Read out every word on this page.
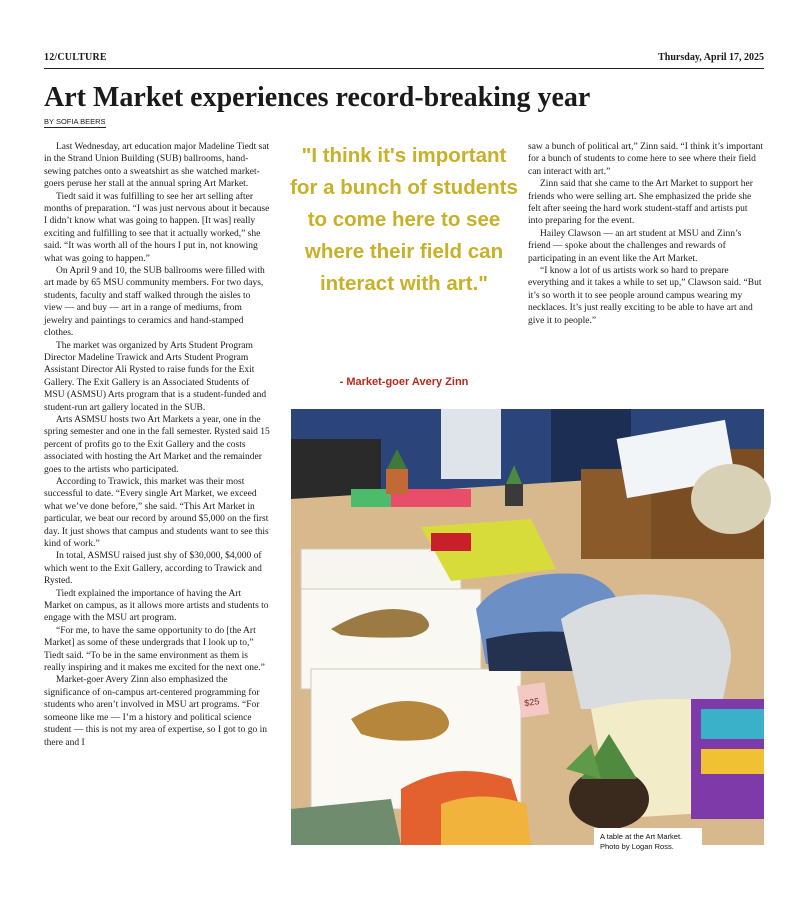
12/CULTURE	Thursday, April 17, 2025
Art Market experiences record-breaking year
BY SOFIA BEERS

Last Wednesday, art education major Madeline Tiedt sat in the Strand Union Building (SUB) ballrooms, hand-sewing patches onto a sweatshirt as she watched market-goers peruse her stall at the annual spring Art Market.

Tiedt said it was fulfilling to see her art selling after months of preparation. “I was just nervous about it because I didn’t know what was going to happen. [It was] really exciting and fulfilling to see that it actually worked,” she said. “It was worth all of the hours I put in, not knowing what was going to happen.”

On April 9 and 10, the SUB ballrooms were filled with art made by 65 MSU community members. For two days, students, faculty and staff walked through the aisles to view — and buy — art in a range of mediums, from jewelry and paintings to ceramics and hand-stamped clothes.

The market was organized by Arts Student Program Director Madeline Trawick and Arts Student Program Assistant Director Ali Rysted to raise funds for the Exit Gallery. The Exit Gallery is an Associated Students of MSU (ASMSU) Arts program that is a student-funded and student-run art gallery located in the SUB.

Arts ASMSU hosts two Art Markets a year, one in the spring semester and one in the fall semester. Rysted said 15 percent of profits go to the Exit Gallery and the costs associated with hosting the Art Market and the remainder goes to the artists who participated.

According to Trawick, this market was their most successful to date. “Every single Art Market, we exceed what we’ve done before,” she said. “This Art Market in particular, we beat our record by around $5,000 on the first day. It just shows that campus and students want to see this kind of work.”

In total, ASMSU raised just shy of $30,000, $4,000 of which went to the Exit Gallery, according to Trawick and Rysted.

Tiedt explained the importance of having the Art Market on campus, as it allows more artists and students to engage with the MSU art program.

“For me, to have the same opportunity to do [the Art Market] as some of these undergrads that I look up to,” Tiedt said. “To be in the same environment as them is really inspiring and it makes me excited for the next one.”

Market-goer Avery Zinn also emphasized the significance of on-campus art-centered programming for students who aren’t involved in MSU art programs. “For someone like me — I’m a history and political science student — this is not my area of expertise, so I got to go in there and I

"I think it's important for a bunch of students to come here to see where their field can interact with art."

- Market-goer Avery Zinn

saw a bunch of political art,” Zinn said. “I think it’s important for a bunch of students to come here to see where their field can interact with art.”

Zinn said that she came to the Art Market to support her friends who were selling art. She emphasized the pride she felt after seeing the hard work student-staff and artists put into preparing for the event.

Hailey Clawson — an art student at MSU and Zinn’s friend — spoke about the challenges and rewards of participating in an event like the Art Market.

“I know a lot of us artists work so hard to prepare everything and it takes a while to set up,” Clawson said. “But it’s so worth it to see people around campus wearing my necklaces. It’s just really exciting to be able to have art and give it to people.”

$25
A table at the Art Market.
Photo by Logan Ross.
